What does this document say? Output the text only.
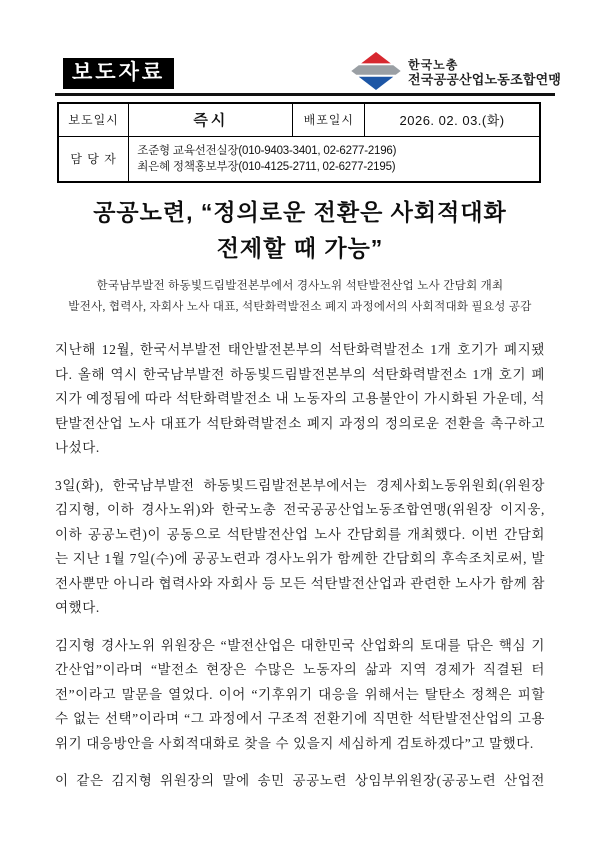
보도자료	한국노총
전국공공산업노동조합연맹
보도일시	즉시	배포일시	2026. 02. 03.(화)
담 당 자	조준형 교육선전실장(010-9403-3401, 02-6277-2196)
최은혜 정책홍보부장(010-4125-2711, 02-6277-2195)		
공공노련, “정의로운 전환은 사회적대화
전제할 때 가능”
한국남부발전 하동빛드림발전본부에서 경사노위 석탄발전산업 노사 간담회 개최
발전사, 협력사, 자회사 노사 대표, 석탄화력발전소 폐지 과정에서의 사회적대화 필요성 공감

지난해 12월, 한국서부발전 태안발전본부의 석탄화력발전소 1개 호기가 폐지됐다. 올해 역시 한국남부발전 하동빛드림발전본부의 석탄화력발전소 1개 호기 폐지가 예정됨에 따라 석탄화력발전소 내 노동자의 고용불안이 가시화된 가운데, 석탄발전산업 노사 대표가 석탄화력발전소 폐지 과정의 정의로운 전환을 촉구하고 나섰다.

3일(화), 한국남부발전 하동빛드림발전본부에서는 경제사회노동위원회(위원장 김지형, 이하 경사노위)와 한국노총 전국공공산업노동조합연맹(위원장 이지웅, 이하 공공노련)이 공동으로 석탄발전산업 노사 간담회를 개최했다. 이번 간담회는 지난 1월 7일(수)에 공공노련과 경사노위가 함께한 간담회의 후속조치로써, 발전사뿐만 아니라 협력사와 자회사 등 모든 석탄발전산업과 관련한 노사가 함께 참여했다.

김지형 경사노위 위원장은 “발전산업은 대한민국 산업화의 토대를 닦은 핵심 기간산업”이라며 “발전소 현장은 수많은 노동자의 삶과 지역 경제가 직결된 터전”이라고 말문을 열었다. 이어 “기후위기 대응을 위해서는 탈탄소 정책은 피할 수 없는 선택”이라며 “그 과정에서 구조적 전환기에 직면한 석탄발전산업의 고용위기 대응방안을 사회적대화로 찾을 수 있을지 세심하게 검토하겠다”고 말했다.

이 같은 김지형 위원장의 말에 송민 공공노련 상임부위원장(공공노련 산업전
